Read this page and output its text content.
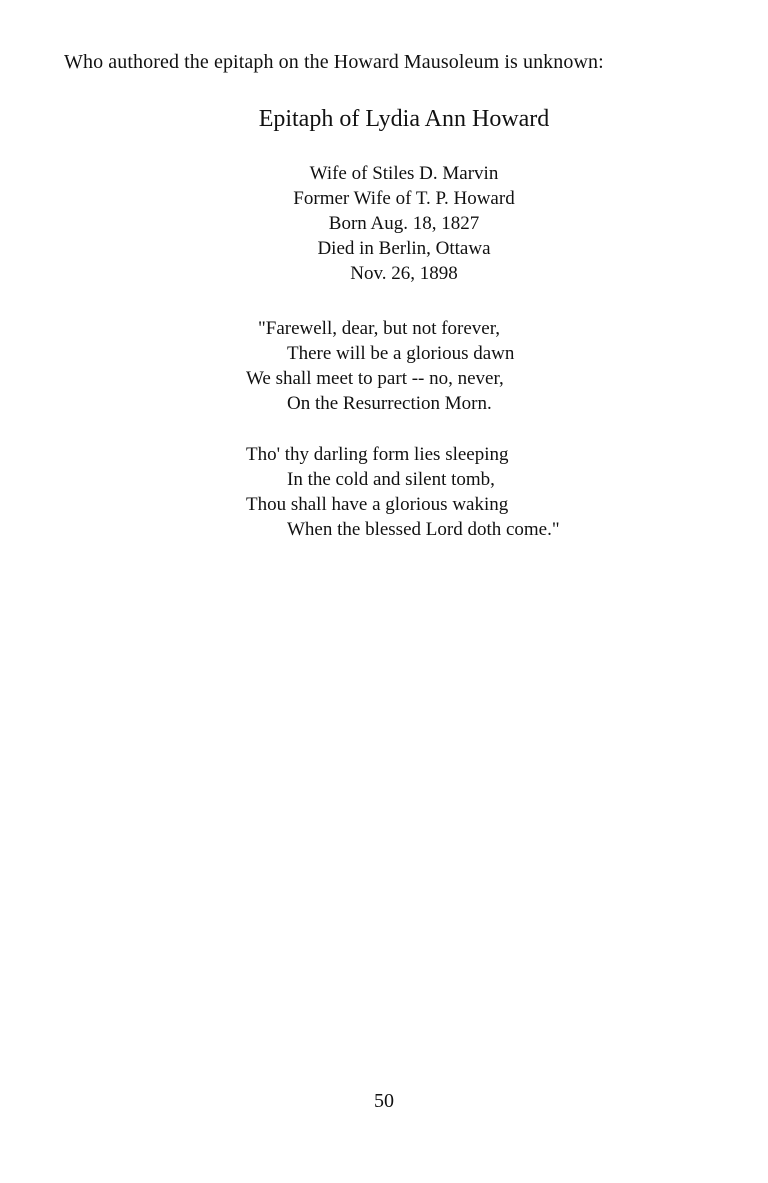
Who authored the epitaph on the Howard Mausoleum is unknown:
Epitaph of Lydia Ann Howard
Wife of Stiles D. Marvin
Former Wife of T. P. Howard
Born Aug. 18, 1827
Died in Berlin, Ottawa
Nov. 26, 1898
"Farewell, dear, but not forever,
There will be a glorious dawn
We shall meet to part -- no, never,
On the Resurrection Morn.
Tho' thy darling form lies sleeping
In the cold and silent tomb,
Thou shall have a glorious waking
When the blessed Lord doth come."
50
